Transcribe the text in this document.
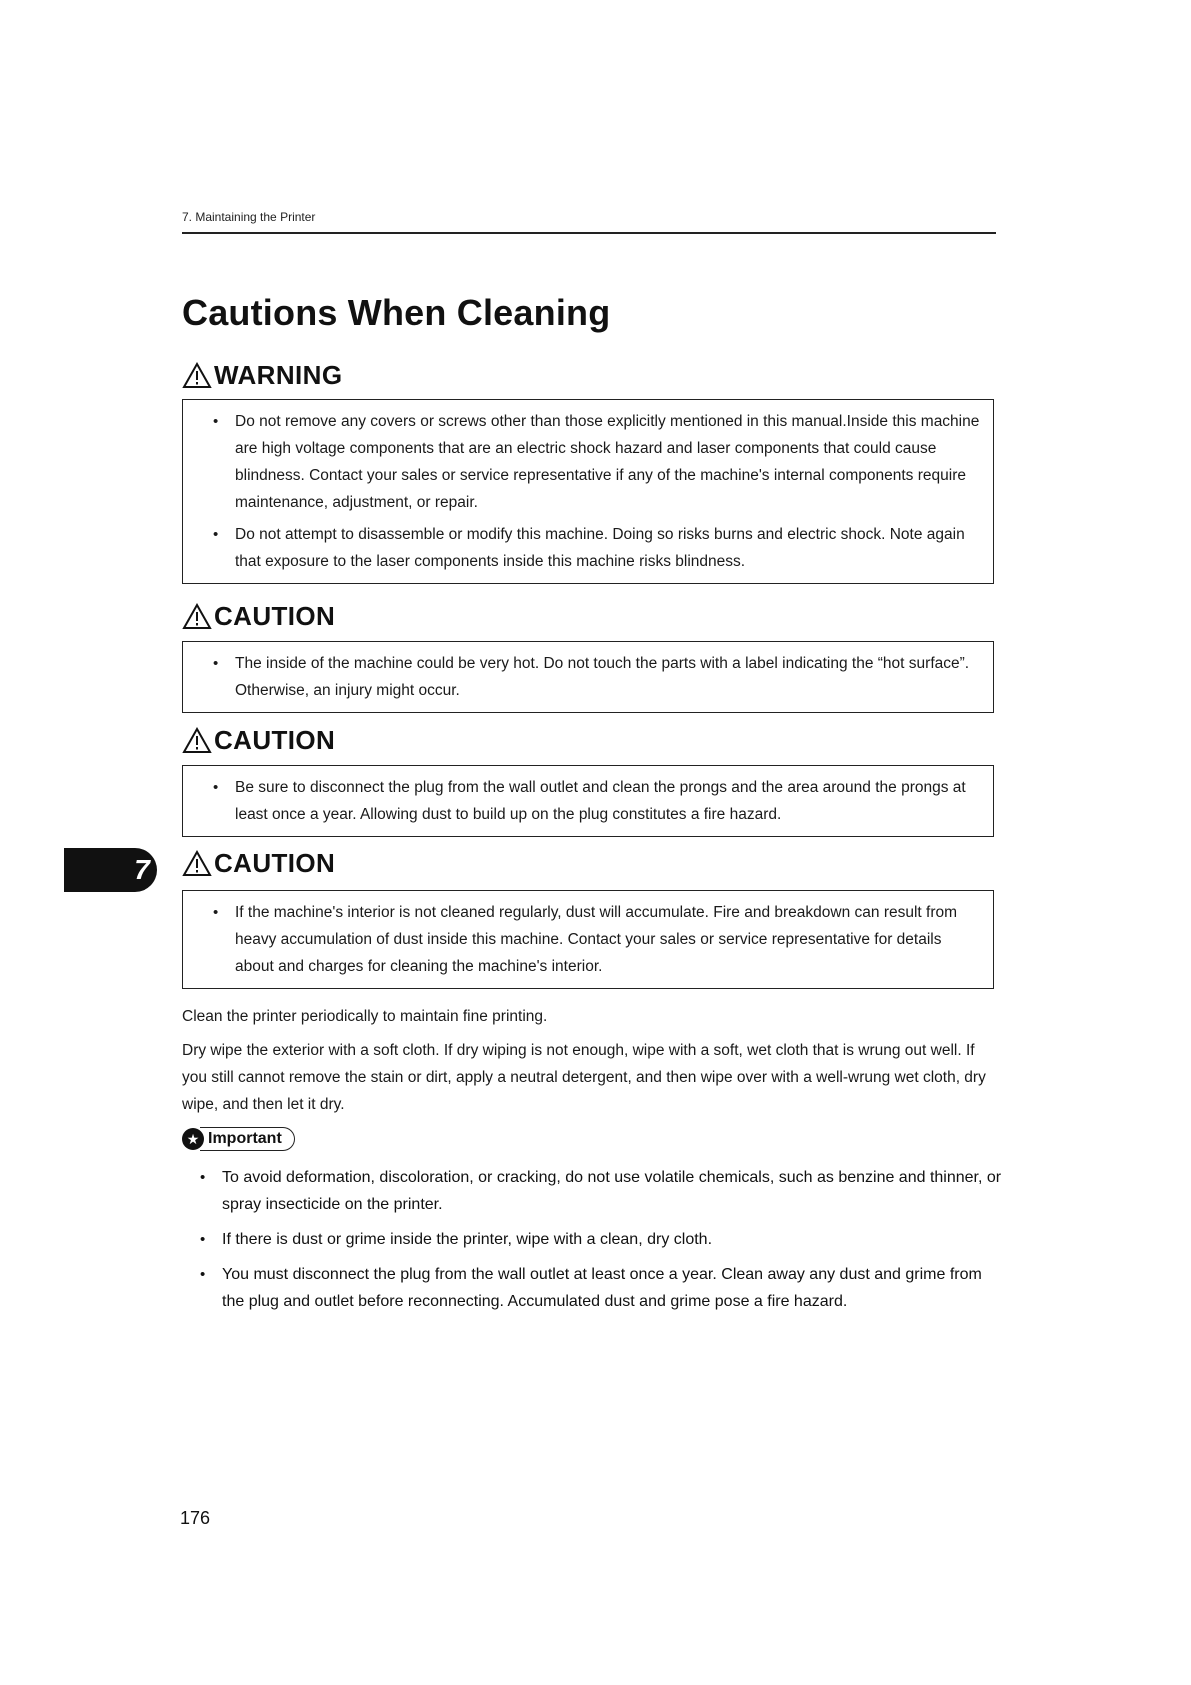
7. Maintaining the Printer
Cautions When Cleaning
WARNING
• Do not remove any covers or screws other than those explicitly mentioned in this manual.Inside this machine are high voltage components that are an electric shock hazard and laser components that could cause blindness. Contact your sales or service representative if any of the machine's internal components require maintenance, adjustment, or repair.
• Do not attempt to disassemble or modify this machine. Doing so risks burns and electric shock. Note again that exposure to the laser components inside this machine risks blindness.
CAUTION
• The inside of the machine could be very hot. Do not touch the parts with a label indicating the “hot surface”. Otherwise, an injury might occur.
CAUTION
• Be sure to disconnect the plug from the wall outlet and clean the prongs and the area around the prongs at least once a year. Allowing dust to build up on the plug constitutes a fire hazard.
7 CAUTION
• If the machine's interior is not cleaned regularly, dust will accumulate. Fire and breakdown can result from heavy accumulation of dust inside this machine. Contact your sales or service representative for details about and charges for cleaning the machine's interior.

Clean the printer periodically to maintain fine printing.

Dry wipe the exterior with a soft cloth. If dry wiping is not enough, wipe with a soft, wet cloth that is wrung out well. If you still cannot remove the stain or dirt, apply a neutral detergent, and then wipe over with a well-wrung wet cloth, dry wipe, and then let it dry.

★ Important
• To avoid deformation, discoloration, or cracking, do not use volatile chemicals, such as benzine and thinner, or spray insecticide on the printer.
• If there is dust or grime inside the printer, wipe with a clean, dry cloth.
• You must disconnect the plug from the wall outlet at least once a year. Clean away any dust and grime from the plug and outlet before reconnecting. Accumulated dust and grime pose a fire hazard.
176
